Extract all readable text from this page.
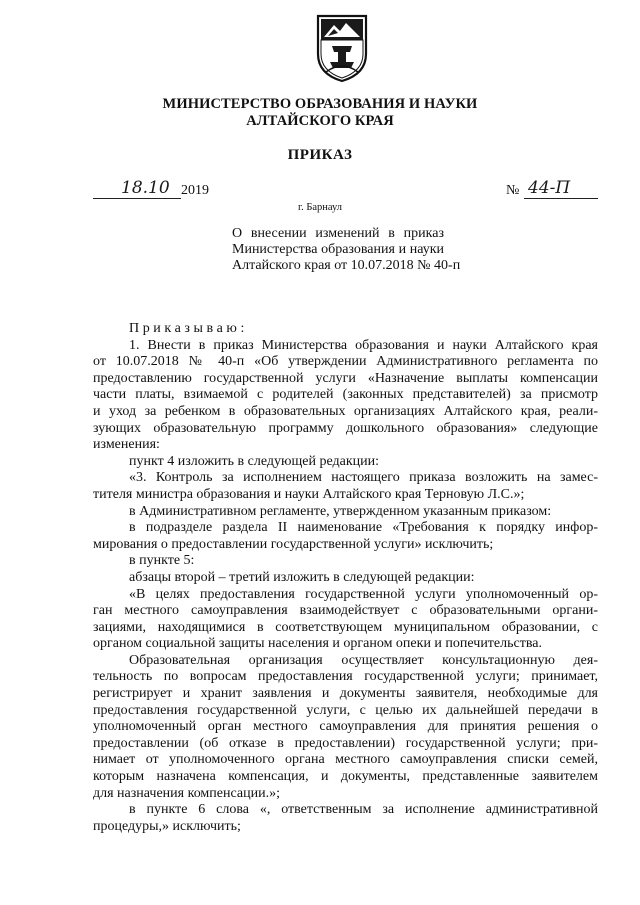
МИНИСТЕРСТВО ОБРАЗОВАНИЯ И НАУКИ
АЛТАЙСКОГО КРАЯ
ПРИКАЗ
18.10 2019	№ 44-П
г. Барнаул
О внесении изменений в приказ
Министерства образования и науки
Алтайского края от 10.07.2018 № 40-п
Приказываю:
1. Внести в приказ Министерства образования и науки Алтайского края
от 10.07.2018 № 40-п «Об утверждении Административного регламента по
предоставлению государственной услуги «Назначение выплаты компенсации
части платы, взимаемой с родителей (законных представителей) за присмотр
и уход за ребенком в образовательных организациях Алтайского края, реали-
зующих образовательную программу дошкольного образования» следующие
изменения:
пункт 4 изложить в следующей редакции:
«3. Контроль за исполнением настоящего приказа возложить на замес-
тителя министра образования и науки Алтайского края Терновую Л.С.»;
в Административном регламенте, утвержденном указанным приказом:
в подразделе раздела II наименование «Требования к порядку инфор-
мирования о предоставлении государственной услуги» исключить;
в пункте 5:
абзацы второй – третий изложить в следующей редакции:
«В целях предоставления государственной услуги уполномоченный ор-
ган местного самоуправления взаимодействует с образовательными органи-
зациями, находящимися в соответствующем муниципальном образовании, с
органом социальной защиты населения и органом опеки и попечительства.
Образовательная организация осуществляет консультационную дея-
тельность по вопросам предоставления государственной услуги; принимает,
регистрирует и хранит заявления и документы заявителя, необходимые для
предоставления государственной услуги, с целью их дальнейшей передачи в
уполномоченный орган местного самоуправления для принятия решения о
предоставлении (об отказе в предоставлении) государственной услуги; при-
нимает от уполномоченного органа местного самоуправления списки семей,
которым назначена компенсация, и документы, представленные заявителем
для назначения компенсации.»;
в пункте 6 слова «, ответственным за исполнение административной
процедуры,» исключить;
